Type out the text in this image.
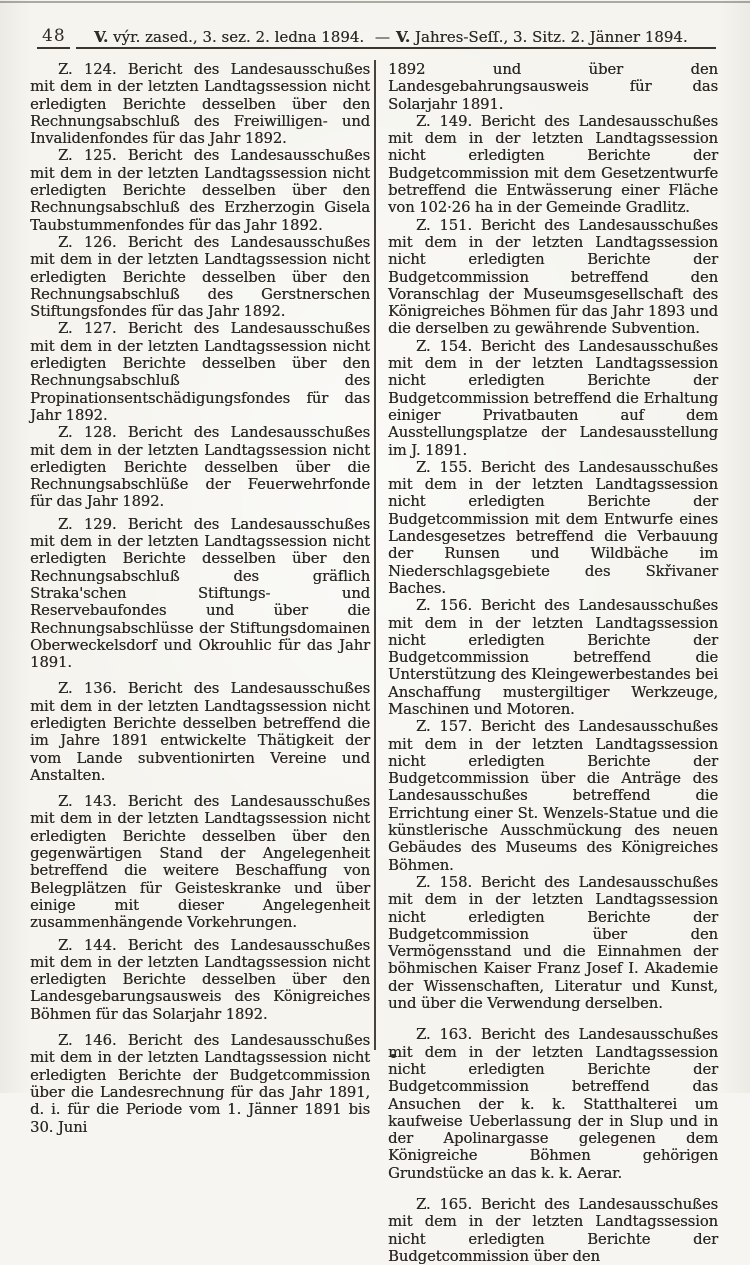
48 V. výr. zased., 3. sez. 2. ledna 1894. — V. Jahres-Seſſ., 3. Sitz. 2. Jänner 1894.

Z. 124. Bericht des Landesausschußes mit dem in der letzten Landtagssession nicht erledigten Berichte desselben über den Rechnungsabschluß des Freiwilligen- und Invalidenfondes für das Jahr 1892.

Z. 125. Bericht des Landesausschußes mit dem in der letzten Landtagssession nicht erledigten Berichte desselben über den Rechnungsabschluß des Erzherzogin Gisela Taubstummenfondes für das Jahr 1892.

Z. 126. Bericht des Landesausschußes mit dem in der letzten Landtagssession nicht erledigten Berichte desselben über den Rechnungsabschluß des Gerstnerschen Stiftungsfondes für das Jahr 1892.

Z. 127. Bericht des Landesausschußes mit dem in der letzten Landtagssession nicht erledigten Berichte desselben über den Rechnungsabschluß des Propinationsentschädigungsfondes für das Jahr 1892.

Z. 128. Bericht des Landesausschußes mit dem in der letzten Landtagssession nicht erledigten Berichte desselben über die Rechnungsabschlüße der Feuerwehrfonde für das Jahr 1892.

Z. 129. Bericht des Landesausschußes mit dem in der letzten Landtagssession nicht erledigten Berichte desselben über den Rechnungsabschluß des gräflich Straka'schen Stiftungs- und Reservebaufondes und über die Rechnungsabschlüsse der Stiftungsdomainen Oberweckelsdorf und Okrouhlic für das Jahr 1891.

Z. 136. Bericht des Landesausschußes mit dem in der letzten Landtagssession nicht erledigten Berichte desselben betreffend die im Jahre 1891 entwickelte Thätigkeit der vom Lande subventionirten Vereine und Anstalten.

Z. 143. Bericht des Landesausschußes mit dem in der letzten Landtagssession nicht erledigten Berichte desselben über den gegenwärtigen Stand der Angelegenheit betreffend die weitere Beschaffung von Belegplätzen für Geisteskranke und über einige mit dieser Angelegenheit zusammenhängende Vorkehrungen.

Z. 144. Bericht des Landesausschußes mit dem in der letzten Landtagssession nicht erledigten Berichte desselben über den Landesgebarungsausweis des Königreiches Böhmen für das Solarjahr 1892.

Z. 146. Bericht des Landesausschußes mit dem in der letzten Landtagssession nicht erledigten Berichte der Budgetcommission über die Landesrechnung für das Jahr 1891, d. i. für die Periode vom 1. Jänner 1891 bis 30. Juni

1892 und über den Landesgebahrungsausweis für das Solarjahr 1891.

Z. 149. Bericht des Landesausschußes mit dem in der letzten Landtagssession nicht erledigten Berichte der Budgetcommission mit dem Gesetzentwurfe betreffend die Entwässerung einer Fläche von 102·26 ha in der Gemeinde Gradlitz.

Z. 151. Bericht des Landesausschußes mit dem in der letzten Landtagssession nicht erledigten Berichte der Budgetcommission betreffend den Voranschlag der Museumsgesellschaft des Königreiches Böhmen für das Jahr 1893 und die derselben zu gewährende Subvention.

Z. 154. Bericht des Landesausschußes mit dem in der letzten Landtagssession nicht erledigten Berichte der Budgetcommission betreffend die Erhaltung einiger Privatbauten auf dem Ausstellungsplatze der Landesausstellung im J. 1891.

Z. 155. Bericht des Landesausschußes mit dem in der letzten Landtagssession nicht erledigten Berichte der Budgetcommission mit dem Entwurfe eines Landesgesetzes betreffend die Verbauung der Runsen und Wildbäche im Niederschlagsgebiete des Skřivaner Baches.

Z. 156. Bericht des Landesausschußes mit dem in der letzten Landtagssession nicht erledigten Berichte der Budgetcommission betreffend die Unterstützung des Kleingewerbestandes bei Anschaffung mustergiltiger Werkzeuge, Maschinen und Motoren.

Z. 157. Bericht des Landesausschußes mit dem in der letzten Landtagssession nicht erledigten Berichte der Budgetcommission über die Anträge des Landesausschußes betreffend die Errichtung einer St. Wenzels-Statue und die künstlerische Ausschmückung des neuen Gebäudes des Museums des Königreiches Böhmen.

Z. 158. Bericht des Landesausschußes mit dem in der letzten Landtagssession nicht erledigten Berichte der Budgetcommission über den Vermögensstand und die Einnahmen der böhmischen Kaiser Franz Josef I. Akademie der Wissenschaften, Literatur und Kunst, und über die Verwendung derselben.

Z. 163. Bericht des Landesausschußes mit dem in der letzten Landtagssession nicht erledigten Berichte der Budgetcommission betreffend das Ansuchen der k. k. Statthalterei um kaufweise Ueberlassung der in Slup und in der Apolinargasse gelegenen dem Königreiche Böhmen gehörigen Grundstücke an das k. k. Aerar.

Z. 165. Bericht des Landesausschußes mit dem in der letzten Landtagssession nicht erledigten Berichte der Budgetcommission über den
